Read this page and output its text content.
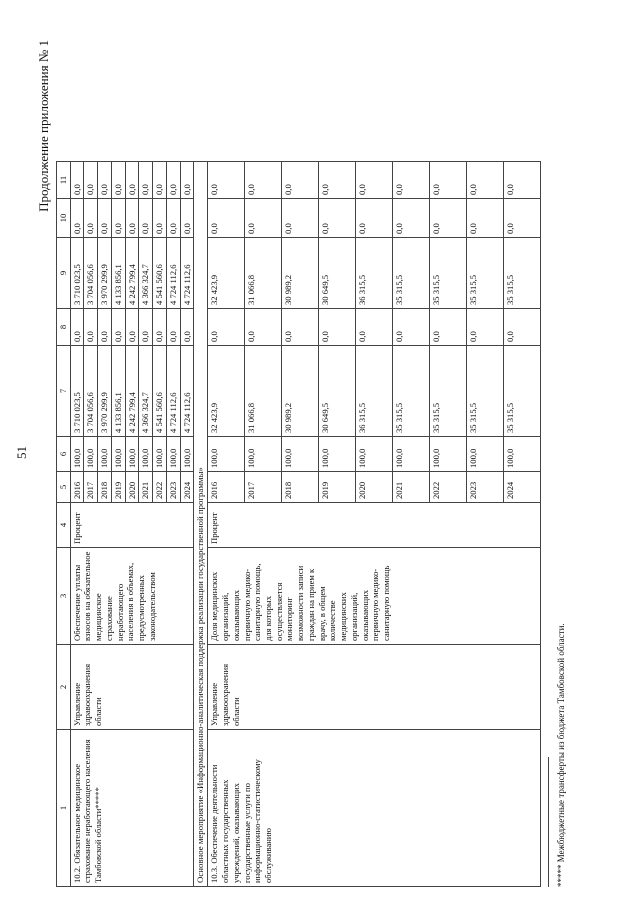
51
Продолжение приложения № 1
1	2	3	4	5	6	7	8	9	10	11
10.2. Обязательное медицинское страхование неработающего населения Тамбовской области*****	Управление здравоохранения области	Обеспечение уплаты взносов на обязательное медицинское страхование неработающего населения в объемах, предусмотренных законодательством	Процент	2016	100,0	3 710 023,5	0,0	3 710 023,5	0,0	0,0
				2017	100,0	3 704 056,6	0,0	3 704 056,6	0,0	0,0
				2018	100,0	3 970 299,9	0,0	3 970 299,9	0,0	0,0
				2019	100,0	4 133 856,1	0,0	4 133 856,1	0,0	0,0
				2020	100,0	4 242 799,4	0,0	4 242 799,4	0,0	0,0
				2021	100,0	4 366 324,7	0,0	4 366 324,7	0,0	0,0
				2022	100,0	4 541 560,6	0,0	4 541 560,6	0,0	0,0
				2023	100,0	4 724 112,6	0,0	4 724 112,6	0,0	0,0
				2024	100,0	4 724 112,6	0,0	4 724 112,6	0,0	0,0
Основное мероприятие «Информационно-аналитическая поддержка реализации государственной программы»										
10.3. Обеспечение деятельности областных государственных учреждений, оказывающих государственные услуги по информационно-статистическому обслуживанию	Управление здравоохранения области	Доля медицинских организаций, оказывающих первичную медико-санитарную помощь, для которых осуществляется мониторинг возможности записи граждан на прием к врачу, в общем количестве медицинских организаций, оказывающих первичную медико-санитарную помощь	Процент	2016	100,0	32 423,9	0,0	32 423,9	0,0	0,0
				2017	100,0	31 066,8	0,0	31 066,8	0,0	0,0
				2018	100,0	30 989,2	0,0	30 989,2	0,0	0,0
				2019	100,0	30 649,5	0,0	30 649,5	0,0	0,0
				2020	100,0	36 315,5	0,0	36 315,5	0,0	0,0
				2021	100,0	35 315,5	0,0	35 315,5	0,0	0,0
				2022	100,0	35 315,5	0,0	35 315,5	0,0	0,0
				2023	100,0	35 315,5	0,0	35 315,5	0,0	0,0
				2024	100,0	35 315,5	0,0	35 315,5	0,0	0,0
***** Межбюджетные трансферты из бюджета Тамбовской области.
